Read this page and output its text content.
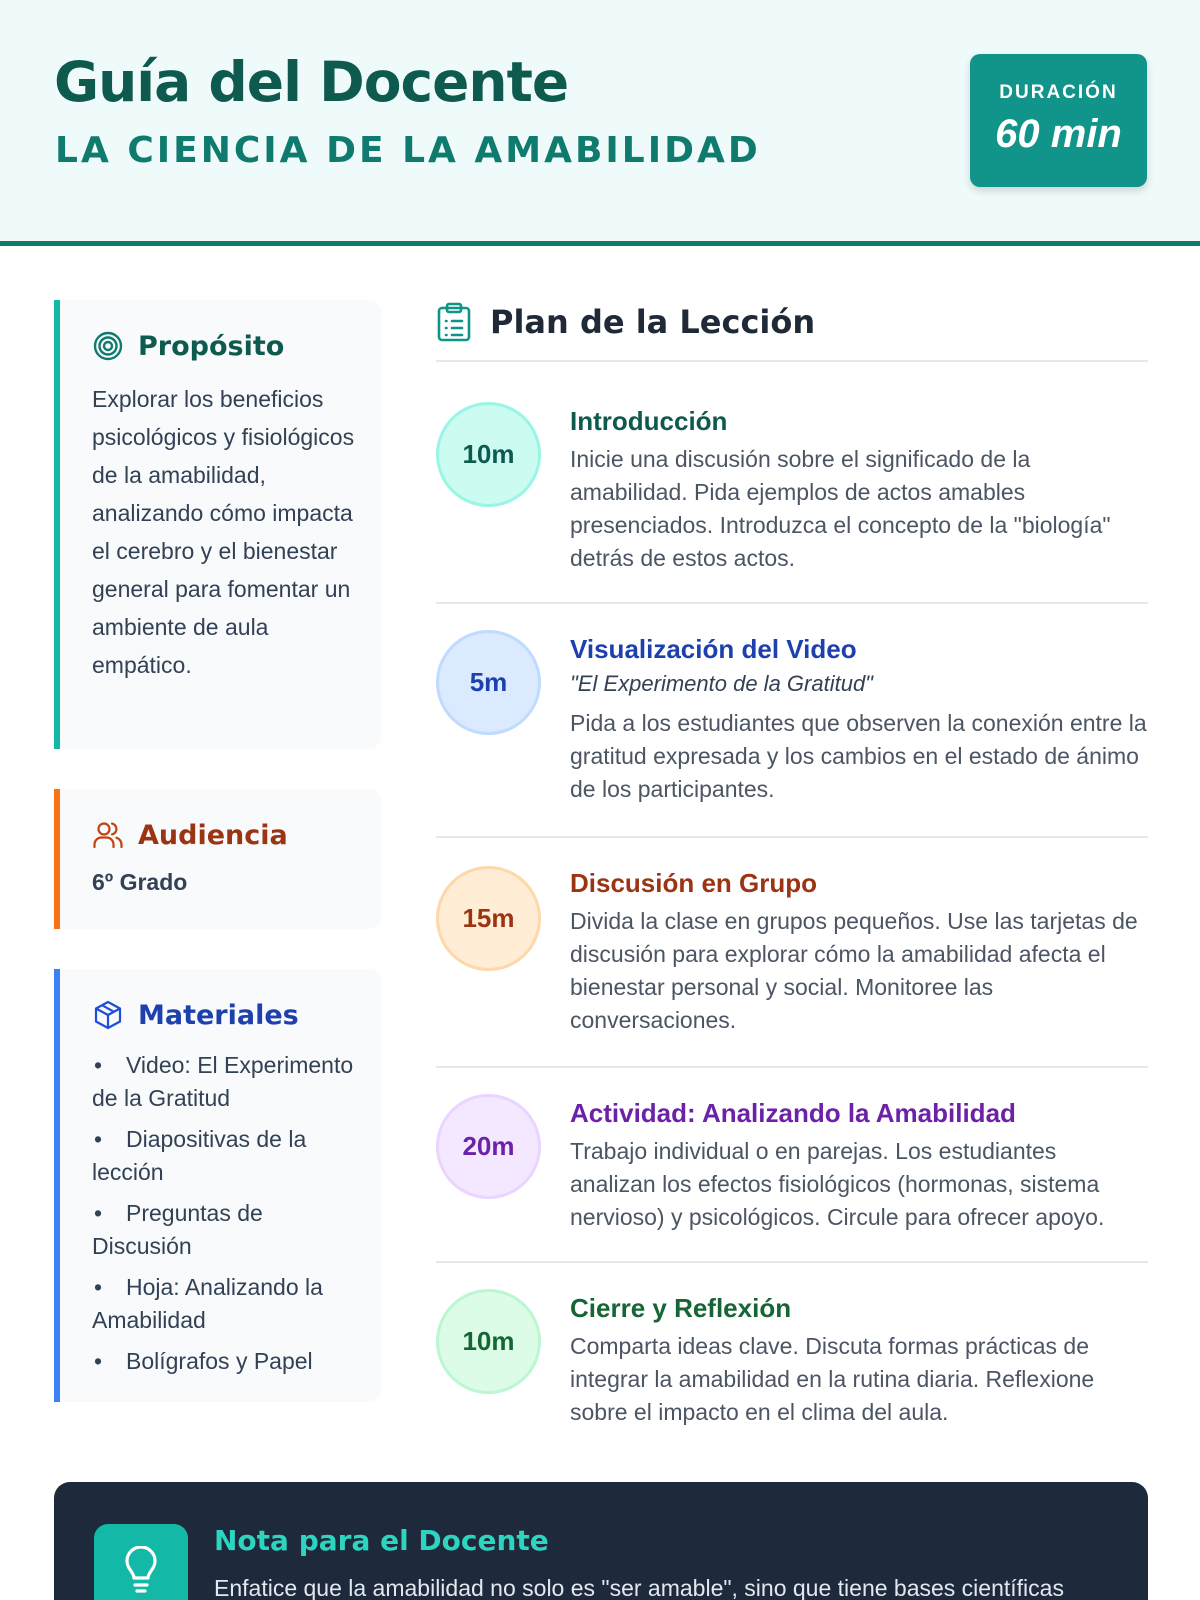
Guía del Docente
LA CIENCIA DE LA AMABILIDAD
DURACIÓN
60 min
Propósito
Explorar los beneficios psicológicos y fisiológicos de la amabilidad, analizando cómo impacta el cerebro y el bienestar general para fomentar un ambiente de aula empático.
Audiencia
6º Grado
Materiales
• Video: El Experimento de la Gratitud
• Diapositivas de la lección
• Preguntas de Discusión
• Hoja: Analizando la Amabilidad
• Bolígrafos y Papel
Plan de la Lección
10m
Introducción
Inicie una discusión sobre el significado de la amabilidad. Pida ejemplos de actos amables presenciados. Introduzca el concepto de la "biología" detrás de estos actos.
5m
Visualización del Video
"El Experimento de la Gratitud"
Pida a los estudiantes que observen la conexión entre la gratitud expresada y los cambios en el estado de ánimo de los participantes.
15m
Discusión en Grupo
Divida la clase en grupos pequeños. Use las tarjetas de discusión para explorar cómo la amabilidad afecta el bienestar personal y social. Monitoree las conversaciones.
20m
Actividad: Analizando la Amabilidad
Trabajo individual o en parejas. Los estudiantes analizan los efectos fisiológicos (hormonas, sistema nervioso) y psicológicos. Circule para ofrecer apoyo.
10m
Cierre y Reflexión
Comparta ideas clave. Discuta formas prácticas de integrar la amabilidad en la rutina diaria. Reflexione sobre el impacto en el clima del aula.
Nota para el Docente
Enfatice que la amabilidad no solo es "ser amable", sino que tiene bases científicas
